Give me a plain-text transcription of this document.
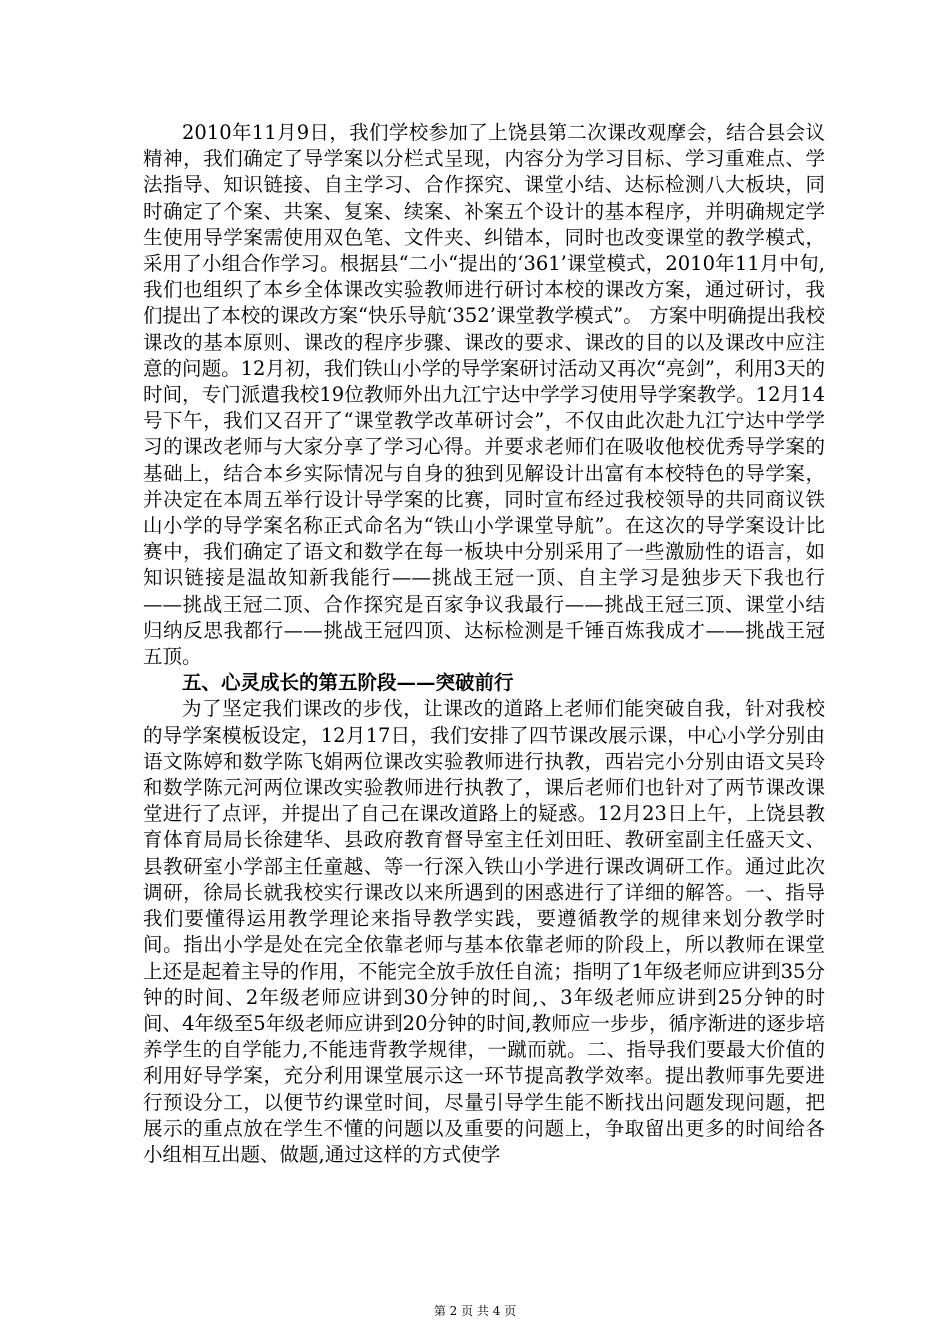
2010年11月9日，我们学校参加了上饶县第二次课改观摩会，结合县会议精神，我们确定了导学案以分栏式呈现，内容分为学习目标、学习重难点、学法指导、知识链接、自主学习、合作探究、课堂小结、达标检测八大板块，同时确定了个案、共案、复案、续案、补案五个设计的基本程序，并明确规定学生使用导学案需使用双色笔、文件夹、纠错本，同时也改变课堂的教学模式，采用了小组合作学习。根据县“二小“提出的‘361’课堂模式，2010年11月中旬,我们也组织了本乡全体课改实验教师进行研讨本校的课改方案，通过研讨，我们提出了本校的课改方案“快乐导航‘352’课堂教学模式”。 方案中明确提出我校课改的基本原则、课改的程序步骤、课改的要求、课改的目的以及课改中应注意的问题。12月初，我们铁山小学的导学案研讨活动又再次“亮剑”，利用3天的时间，专门派遣我校19位教师外出九江宁达中学学习使用导学案教学。12月14号下午，我们又召开了“课堂教学改革研讨会”，不仅由此次赴九江宁达中学学习的课改老师与大家分享了学习心得。并要求老师们在吸收他校优秀导学案的基础上，结合本乡实际情况与自身的独到见解设计出富有本校特色的导学案，并决定在本周五举行设计导学案的比赛，同时宣布经过我校领导的共同商议铁山小学的导学案名称正式命名为“铁山小学课堂导航”。在这次的导学案设计比赛中，我们确定了语文和数学在每一板块中分别采用了一些激励性的语言，如知识链接是温故知新我能行——挑战王冠一顶、自主学习是独步天下我也行——挑战王冠二顶、合作探究是百家争议我最行——挑战王冠三顶、课堂小结归纳反思我都行——挑战王冠四顶、达标检测是千锤百炼我成才——挑战王冠五顶。

五、心灵成长的第五阶段——突破前行

为了坚定我们课改的步伐，让课改的道路上老师们能突破自我，针对我校的导学案模板设定，12月17日，我们安排了四节课改展示课，中心小学分别由语文陈婷和数学陈飞娟两位课改实验教师进行执教，西岩完小分别由语文吴玲和数学陈元河两位课改实验教师进行执教了，课后老师们也针对了两节课改课堂进行了点评，并提出了自己在课改道路上的疑惑。12月23日上午，上饶县教育体育局局长徐建华、县政府教育督导室主任刘田旺、教研室副主任盛天文、县教研室小学部主任童越、等一行深入铁山小学进行课改调研工作。通过此次调研，徐局长就我校实行课改以来所遇到的困惑进行了详细的解答。一、指导我们要懂得运用教学理论来指导教学实践，要遵循教学的规律来划分教学时间。指出小学是处在完全依靠老师与基本依靠老师的阶段上，所以教师在课堂上还是起着主导的作用，不能完全放手放任自流；指明了1年级老师应讲到35分钟的时间、2年级老师应讲到30分钟的时间,、3年级老师应讲到25分钟的时间、4年级至5年级老师应讲到20分钟的时间,教师应一步步，循序渐进的逐步培养学生的自学能力,不能违背教学规律，一蹴而就。二、指导我们要最大价值的利用好导学案，充分利用课堂展示这一环节提高教学效率。提出教师事先要进行预设分工，以便节约课堂时间，尽量引导学生能不断找出问题发现问题，把展示的重点放在学生不懂的问题以及重要的问题上，争取留出更多的时间给各小组相互出题、做题,通过这样的方式使学

第 2 页 共 4 页
